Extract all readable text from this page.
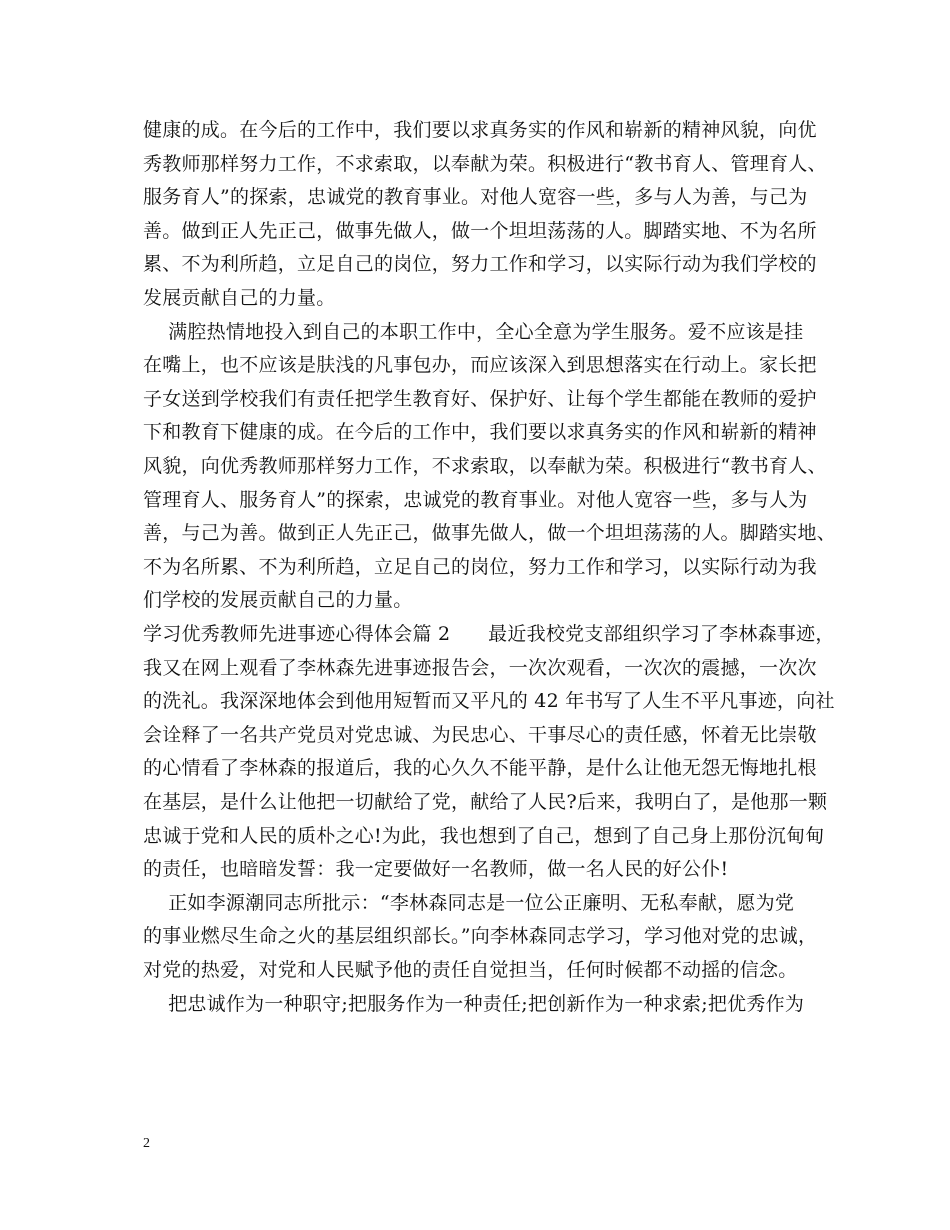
健康的成。在今后的工作中，我们要以求真务实的作风和崭新的精神风貌，向优
秀教师那样努力工作，不求索取，以奉献为荣。积极进行“教书育人、管理育人、
服务育人”的探索，忠诚党的教育事业。对他人宽容一些，多与人为善，与己为
善。做到正人先正己，做事先做人，做一个坦坦荡荡的人。脚踏实地、不为名所
累、不为利所趋，立足自己的岗位，努力工作和学习，以实际行动为我们学校的
发展贡献自己的力量。
满腔热情地投入到自己的本职工作中，全心全意为学生服务。爱不应该是挂
在嘴上，也不应该是肤浅的凡事包办，而应该深入到思想落实在行动上。家长把
子女送到学校我们有责任把学生教育好、保护好、让每个学生都能在教师的爱护
下和教育下健康的成。在今后的工作中，我们要以求真务实的作风和崭新的精神
风貌，向优秀教师那样努力工作，不求索取，以奉献为荣。积极进行“教书育人、
管理育人、服务育人”的探索，忠诚党的教育事业。对他人宽容一些，多与人为
善，与己为善。做到正人先正己，做事先做人，做一个坦坦荡荡的人。脚踏实地、
不为名所累、不为利所趋，立足自己的岗位，努力工作和学习，以实际行动为我
们学校的发展贡献自己的力量。
学习优秀教师先进事迹心得体会篇 2      最近我校党支部组织学习了李林森事迹，
我又在网上观看了李林森先进事迹报告会，一次次观看，一次次的震撼，一次次
的洗礼。我深深地体会到他用短暂而又平凡的 42 年书写了人生不平凡事迹，向社
会诠释了一名共产党员对党忠诚、为民忠心、干事尽心的责任感，怀着无比崇敬
的心情看了李林森的报道后，我的心久久不能平静，是什么让他无怨无悔地扎根
在基层，是什么让他把一切献给了党，献给了人民?后来，我明白了，是他那一颗
忠诚于党和人民的质朴之心!为此，我也想到了自己，想到了自己身上那份沉甸甸
的责任，也暗暗发誓：我一定要做好一名教师，做一名人民的好公仆!
正如李源潮同志所批示：“李林森同志是一位公正廉明、无私奉献，愿为党
的事业燃尽生命之火的基层组织部长。”向李林森同志学习，学习他对党的忠诚，
对党的热爱，对党和人民赋予他的责任自觉担当，任何时候都不动摇的信念。
把忠诚作为一种职守;把服务作为一种责任;把创新作为一种求索;把优秀作为
2
